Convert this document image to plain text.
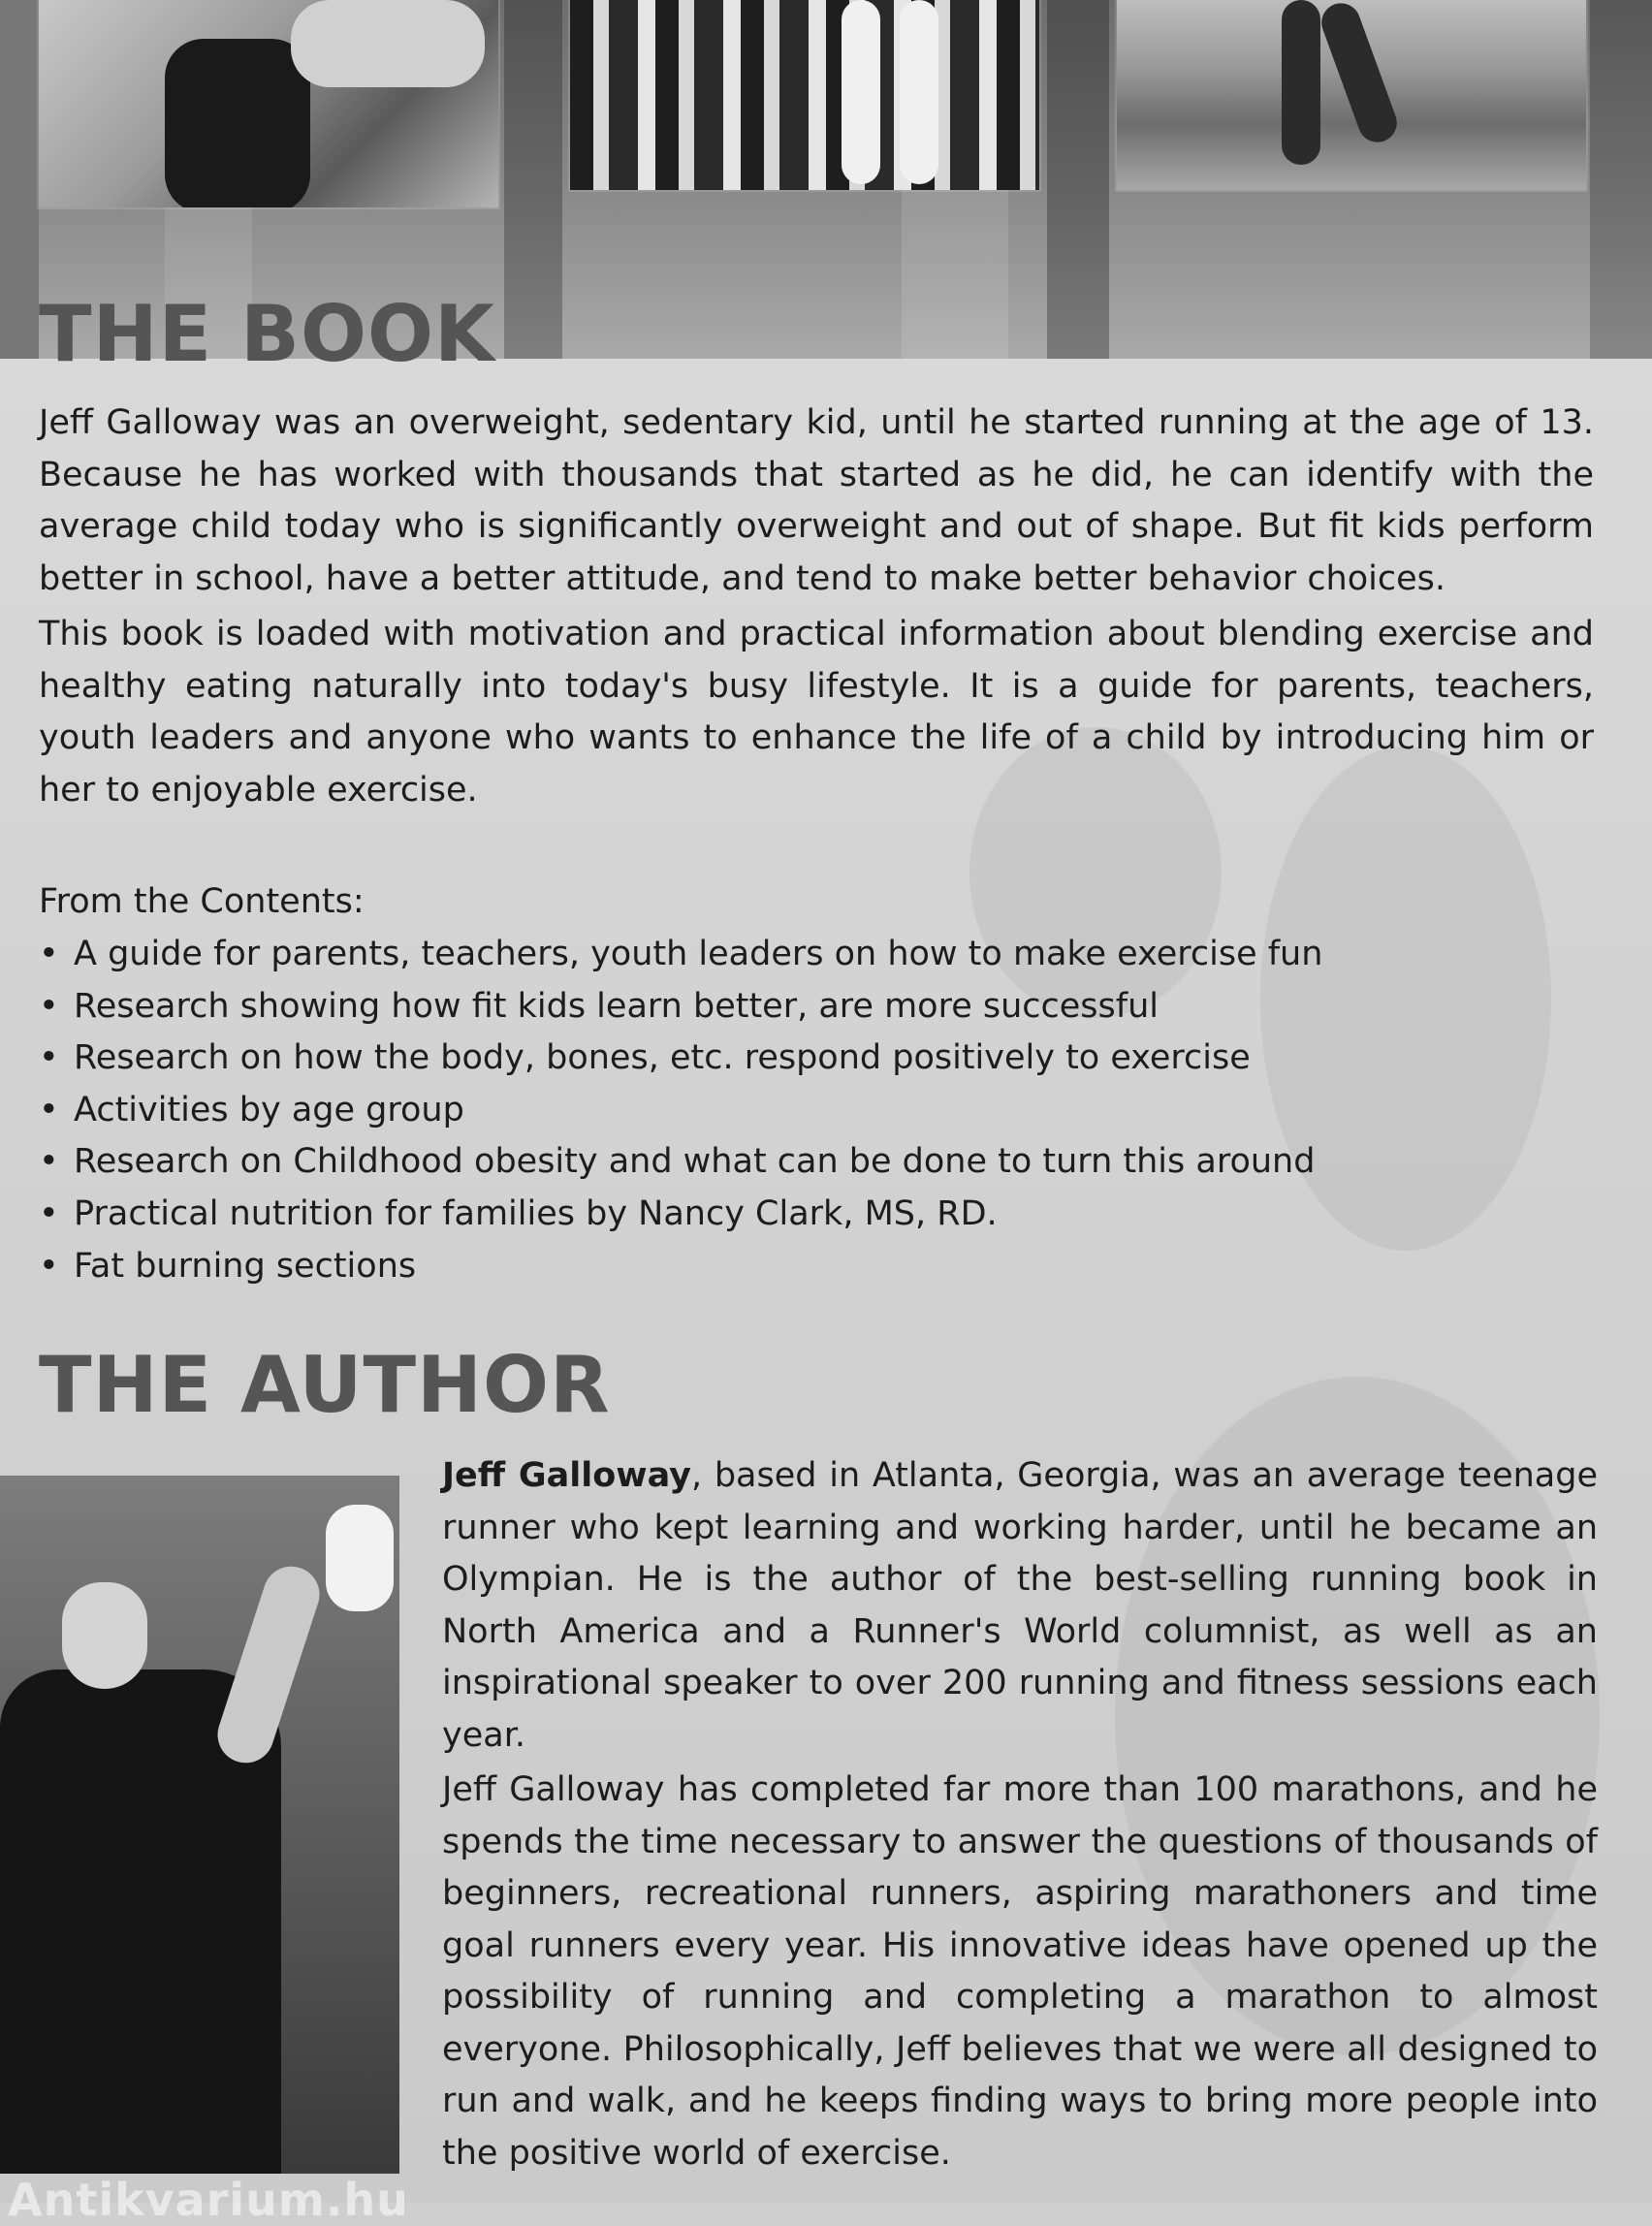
THE BOOK

Jeff Galloway was an overweight, sedentary kid, until he started running at the age of 13. Because he has worked with thousands that started as he did, he can identify with the average child today who is significantly overweight and out of shape. But fit kids perform better in school, have a better attitude, and tend to make better behavior choices.

This book is loaded with motivation and practical information about blending exercise and healthy eating naturally into today's busy lifestyle. It is a guide for parents, teachers, youth leaders and anyone who wants to enhance the life of a child by introducing him or her to enjoyable exercise.

From the Contents:

• A guide for parents, teachers, youth leaders on how to make exercise fun
• Research showing how fit kids learn better, are more successful
• Research on how the body, bones, etc. respond positively to exercise
• Activities by age group
• Research on Childhood obesity and what can be done to turn this around
• Practical nutrition for families by Nancy Clark, MS, RD.
• Fat burning sections
THE AUTHOR

Jeff Galloway, based in Atlanta, Georgia, was an average teenage runner who kept learning and working harder, until he became an Olympian. He is the author of the best-selling running book in North America and a Runner's World columnist, as well as an inspirational speaker to over 200 running and fitness sessions each year.

Jeff Galloway has completed far more than 100 marathons, and he spends the time necessary to answer the questions of thousands of beginners, recreational runners, aspiring marathoners and time goal runners every year. His innovative ideas have opened up the possibility of running and completing a marathon to almost everyone. Philosophically, Jeff believes that we were all designed to run and walk, and he keeps finding ways to bring more people into the positive world of exercise.

Antikvarium.hu
